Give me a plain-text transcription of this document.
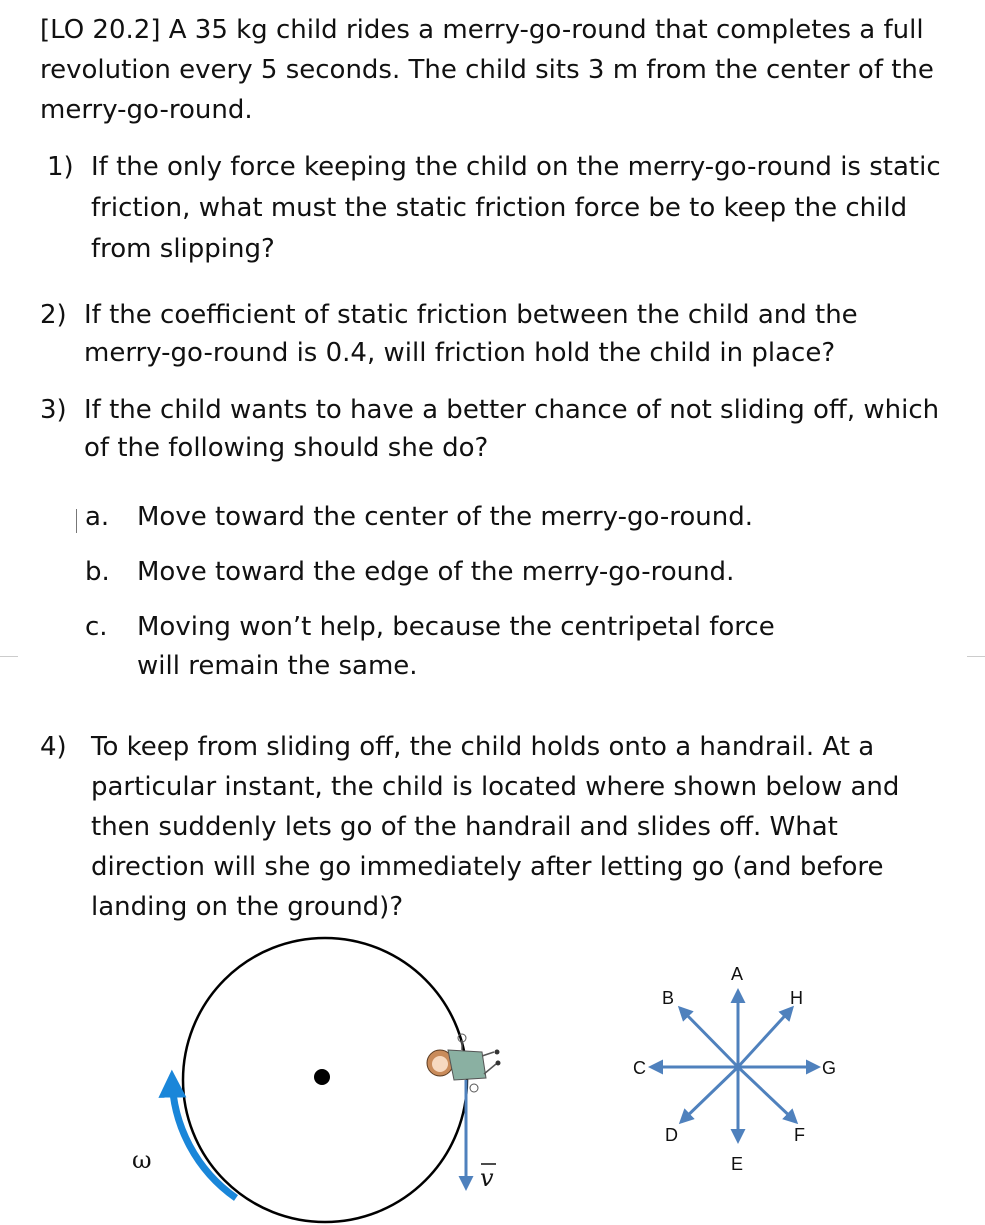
[LO 20.2] A 35 kg child rides a merry-go-round that completes a full
revolution every 5 seconds. The child sits 3 m from the center of the
merry-go-round.
1) If the only force keeping the child on the merry-go-round is static
friction, what must the static friction force be to keep the child
from slipping?
2) If the coefficient of static friction between the child and the
merry-go-round is 0.4, will friction hold the child in place?
3) If the child wants to have a better chance of not sliding off, which
of the following should she do?
a. Move toward the center of the merry-go-round.
b. Move toward the edge of the merry-go-round.
c. Moving won’t help, because the centripetal force
will remain the same.
4) To keep from sliding off, the child holds onto a handrail. At a
particular instant, the child is located where shown below and
then suddenly lets go of the handrail and slides off. What
direction will she go immediately after letting go (and before
landing on the ground)?
ω
v
A
B	H
C	G
D	F
E
